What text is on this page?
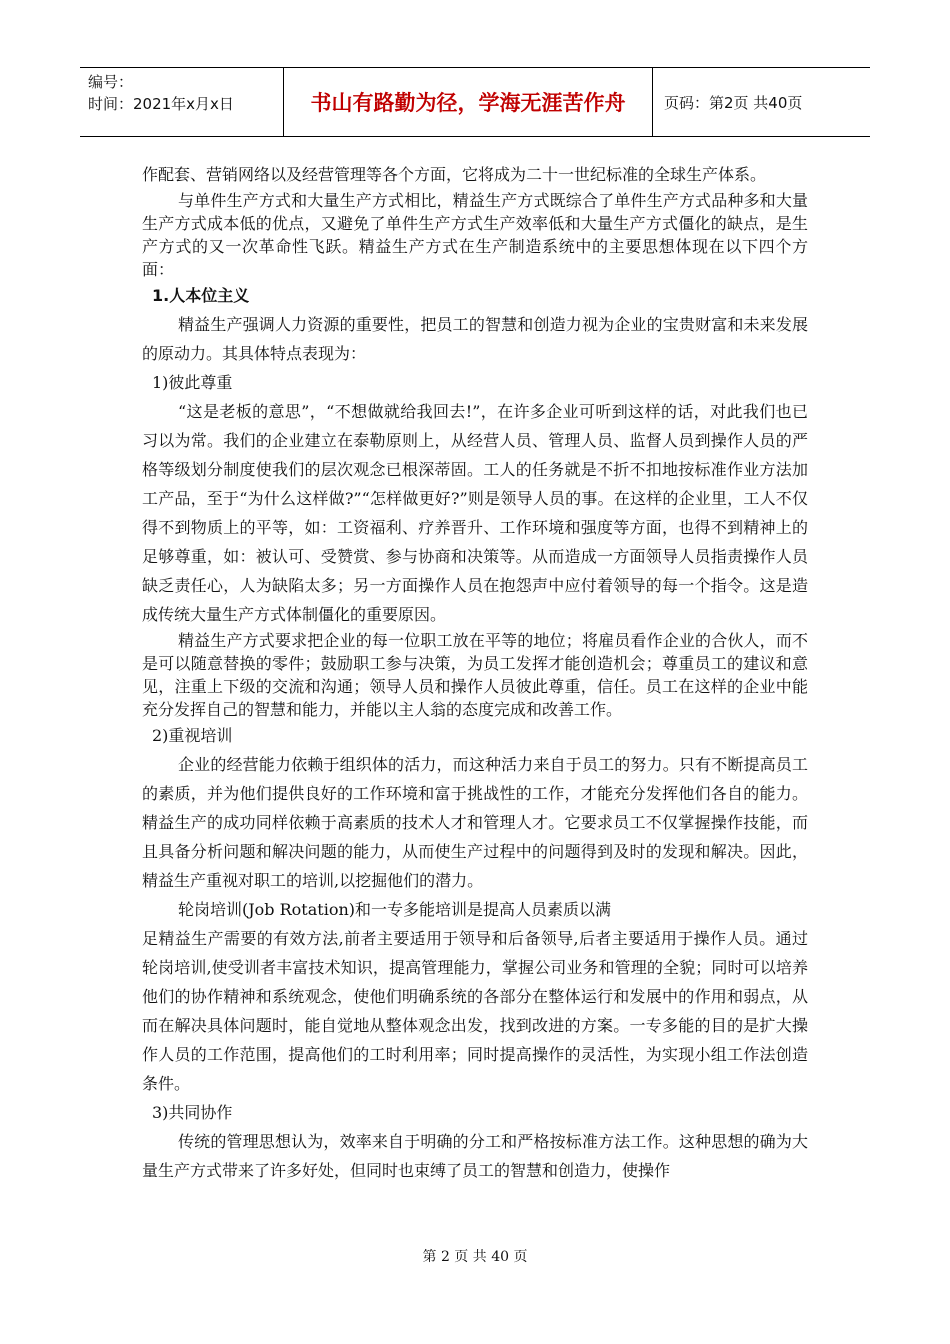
编号：
时间：2021年x月x日	书山有路勤为径，学海无涯苦作舟	页码：第2页 共40页

作配套、营销网络以及经营管理等各个方面，它将成为二十一世纪标准的全球生产体系。

与单件生产方式和大量生产方式相比，精益生产方式既综合了单件生产方式品种多和大量生产方式成本低的优点，又避免了单件生产方式生产效率低和大量生产方式僵化的缺点，是生产方式的又一次革命性飞跃。精益生产方式在生产制造系统中的主要思想体现在以下四个方面：

1.人本位主义

精益生产强调人力资源的重要性，把员工的智慧和创造力视为企业的宝贵财富和未来发展的原动力。其具体特点表现为：

1)彼此尊重

“这是老板的意思”，“不想做就给我回去!”，在许多企业可听到这样的话，对此我们也已习以为常。我们的企业建立在泰勒原则上，从经营人员、管理人员、监督人员到操作人员的严格等级划分制度使我们的层次观念已根深蒂固。工人的任务就是不折不扣地按标准作业方法加工产品，至于“为什么这样做?”“怎样做更好?”则是领导人员的事。在这样的企业里，工人不仅得不到物质上的平等，如：工资福利、疗养晋升、工作环境和强度等方面，也得不到精神上的足够尊重，如：被认可、受赞赏、参与协商和决策等。从而造成一方面领导人员指责操作人员缺乏责任心，人为缺陷太多；另一方面操作人员在抱怨声中应付着领导的每一个指令。这是造成传统大量生产方式体制僵化的重要原因。

精益生产方式要求把企业的每一位职工放在平等的地位；将雇员看作企业的合伙人，而不是可以随意替换的零件；鼓励职工参与决策，为员工发挥才能创造机会；尊重员工的建议和意见，注重上下级的交流和沟通；领导人员和操作人员彼此尊重，信任。员工在这样的企业中能充分发挥自己的智慧和能力，并能以主人翁的态度完成和改善工作。

2)重视培训

企业的经营能力依赖于组织体的活力，而这种活力来自于员工的努力。只有不断提高员工的素质，并为他们提供良好的工作环境和富于挑战性的工作，才能充分发挥他们各自的能力。精益生产的成功同样依赖于高素质的技术人才和管理人才。它要求员工不仅掌握操作技能，而且具备分析问题和解决问题的能力，从而使生产过程中的问题得到及时的发现和解决。因此，精益生产重视对职工的培训,以挖掘他们的潜力。

轮岗培训(Job Rotation)和一专多能培训是提高人员素质以满

足精益生产需要的有效方法,前者主要适用于领导和后备领导,后者主要适用于操作人员。通过轮岗培训,使受训者丰富技术知识，提高管理能力，掌握公司业务和管理的全貌；同时可以培养他们的协作精神和系统观念，使他们明确系统的各部分在整体运行和发展中的作用和弱点，从而在解决具体问题时，能自觉地从整体观念出发，找到改进的方案。一专多能的目的是扩大操作人员的工作范围，提高他们的工时利用率；同时提高操作的灵活性，为实现小组工作法创造条件。

3)共同协作

传统的管理思想认为，效率来自于明确的分工和严格按标准方法工作。这种思想的确为大量生产方式带来了许多好处，但同时也束缚了员工的智慧和创造力，使操作

第 2 页 共 40 页
